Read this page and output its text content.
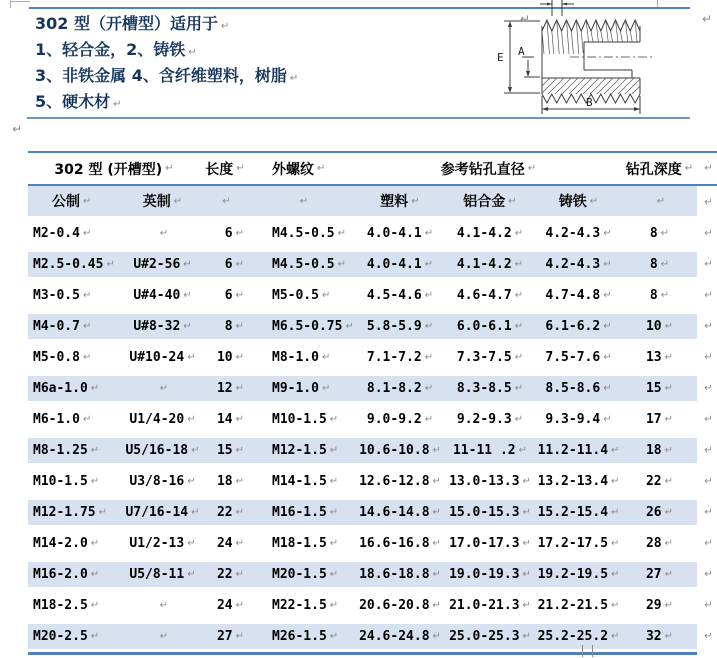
302 型（开槽型）适用于 ↵
1、轻合金，2、铸铁 ↵
3、非铁金属 4、含纤维塑料，树脂 ↵
5、硬木材 ↵
E A
B
↵	↵
↵
302 型 (开槽型) ↵ 长度 ↵ 外螺纹 ↵	参考钻孔直径 ↵	钻孔深度 ↵ ↵
公制 ↵	英制 ↵	↵	↵	塑料 ↵	铝合金 ↵	铸铁 ↵	↵	↵
M2-0.4 ↵	↵	6 ↵ M4.5-0.5 ↵ 4.0-4.1 ↵ 4.1-4.2 ↵ 4.2-4.3 ↵	8 ↵	↵
M2.5-0.45 ↵ U#2-56 ↵	6 ↵ M4.5-0.5 ↵ 4.0-4.1 ↵ 4.1-4.2 ↵ 4.2-4.3 ↵	8 ↵	↵
M3-0.5 ↵	U#4-40 ↵	6 ↵ M5-0.5 ↵	4.5-4.6 ↵ 4.6-4.7 ↵ 4.7-4.8 ↵	8 ↵	↵
M4-0.7 ↵	U#8-32 ↵	8 ↵ M6.5-0.75 ↵ 5.8-5.9 ↵ 6.0-6.1 ↵ 6.1-6.2 ↵	10 ↵	↵
M5-0.8 ↵	U#10-24 ↵ 10 ↵ M8-1.0 ↵	7.1-7.2 ↵ 7.3-7.5 ↵ 7.5-7.6 ↵	13 ↵	↵
M6a-1.0 ↵	↵	12 ↵ M9-1.0 ↵	8.1-8.2 ↵ 8.3-8.5 ↵ 8.5-8.6 ↵	15 ↵	↵
M6-1.0 ↵	U1/4-20 ↵ 14 ↵ M10-1.5 ↵ 9.0-9.2 ↵ 9.2-9.3 ↵ 9.3-9.4 ↵	17 ↵	↵
M8-1.25 ↵ U5/16-18 ↵ 15 ↵ M12-1.5 ↵ 10.6-10.8 ↵ 11-11 .2 ↵ 11.2-11.4 ↵ 18 ↵	↵
M10-1.5 ↵ U3/8-16 ↵ 18 ↵ M14-1.5 ↵ 12.6-12.8 ↵ 13.0-13.3 ↵ 13.2-13.4 ↵ 22 ↵	↵
M12-1.75 ↵ U7/16-14 ↵ 22 ↵ M16-1.5 ↵ 14.6-14.8 ↵ 15.0-15.3 ↵ 15.2-15.4 ↵ 26 ↵	↵
M14-2.0 ↵ U1/2-13 ↵ 24 ↵ M18-1.5 ↵ 16.6-16.8 ↵ 17.0-17.3 ↵ 17.2-17.5 ↵ 28 ↵	↵
M16-2.0 ↵ U5/8-11 ↵ 22 ↵ M20-1.5 ↵ 18.6-18.8 ↵ 19.0-19.3 ↵ 19.2-19.5 ↵ 27 ↵	↵
M18-2.5 ↵	↵	24 ↵ M22-1.5 ↵ 20.6-20.8 ↵ 21.0-21.3 ↵ 21.2-21.5 ↵ 29 ↵	↵
M20-2.5 ↵	↵	27 ↵ M26-1.5 ↵ 24.6-24.8 ↵ 25.0-25.3 ↵ 25.2-25.2 ↵ 32 ↵	↵
